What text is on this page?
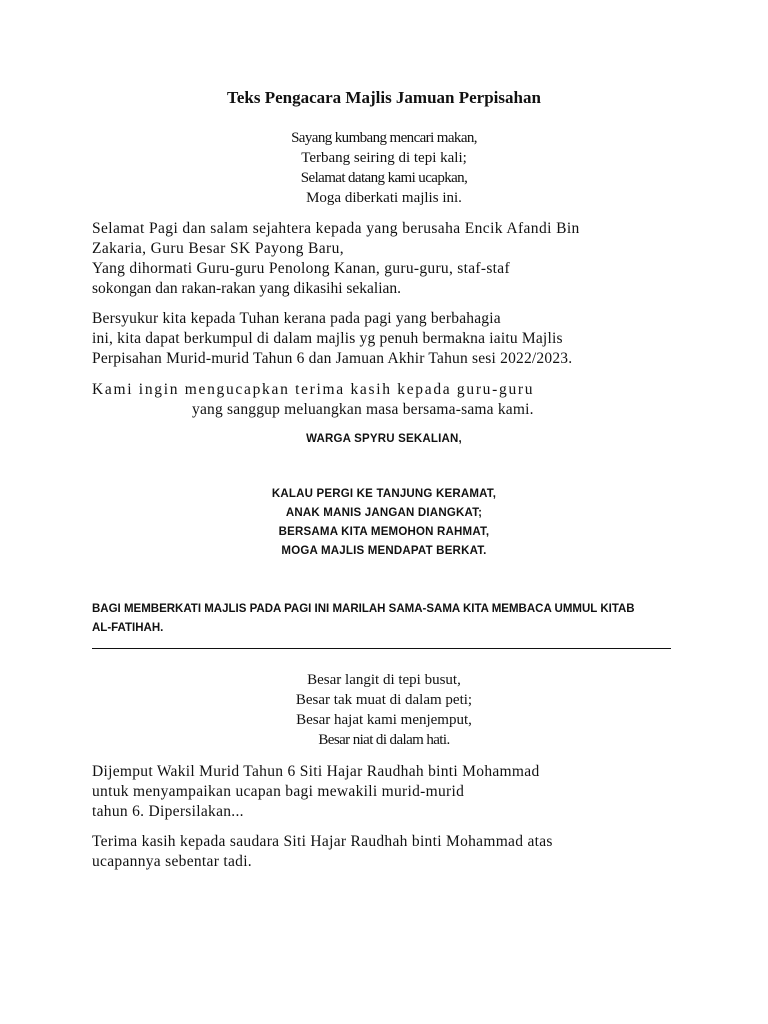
Teks Pengacara Majlis Jamuan Perpisahan
Sayang kumbang mencari makan,
Terbang seiring di tepi kali;
Selamat datang kami ucapkan,
Moga diberkati majlis ini.
Selamat Pagi dan salam sejahtera kepada yang berusaha Encik Afandi Bin
Zakaria, Guru Besar SK Payong Baru,
Yang dihormati Guru-guru Penolong Kanan, guru-guru, staf-staf
sokongan dan rakan-rakan yang dikasihi sekalian.
Bersyukur kita kepada Tuhan kerana pada pagi yang berbahagia
ini, kita dapat berkumpul di dalam majlis yg penuh bermakna iaitu Majlis
Perpisahan Murid-murid Tahun 6 dan Jamuan Akhir Tahun sesi 2022/2023.
Kami ingin mengucapkan terima kasih kepada guru-guru
yang sanggup meluangkan masa bersama-sama kami.
WARGA SPYRU SEKALIAN,
KALAU PERGI KE TANJUNG KERAMAT,
ANAK MANIS JANGAN DIANGKAT;
BERSAMA KITA MEMOHON RAHMAT,
MOGA MAJLIS MENDAPAT BERKAT.
BAGI MEMBERKATI MAJLIS PADA PAGI INI MARILAH SAMA-SAMA KITA MEMBACA UMMUL KITAB
AL-FATIHAH.
Besar langit di tepi busut,
Besar tak muat di dalam peti;
Besar hajat kami menjemput,
Besar niat di dalam hati.
Dijemput Wakil Murid Tahun 6 Siti Hajar Raudhah binti Mohammad
untuk menyampaikan ucapan bagi mewakili murid-murid
tahun 6. Dipersilakan...
Terima kasih kepada saudara Siti Hajar Raudhah binti Mohammad atas
ucapannya sebentar tadi.
